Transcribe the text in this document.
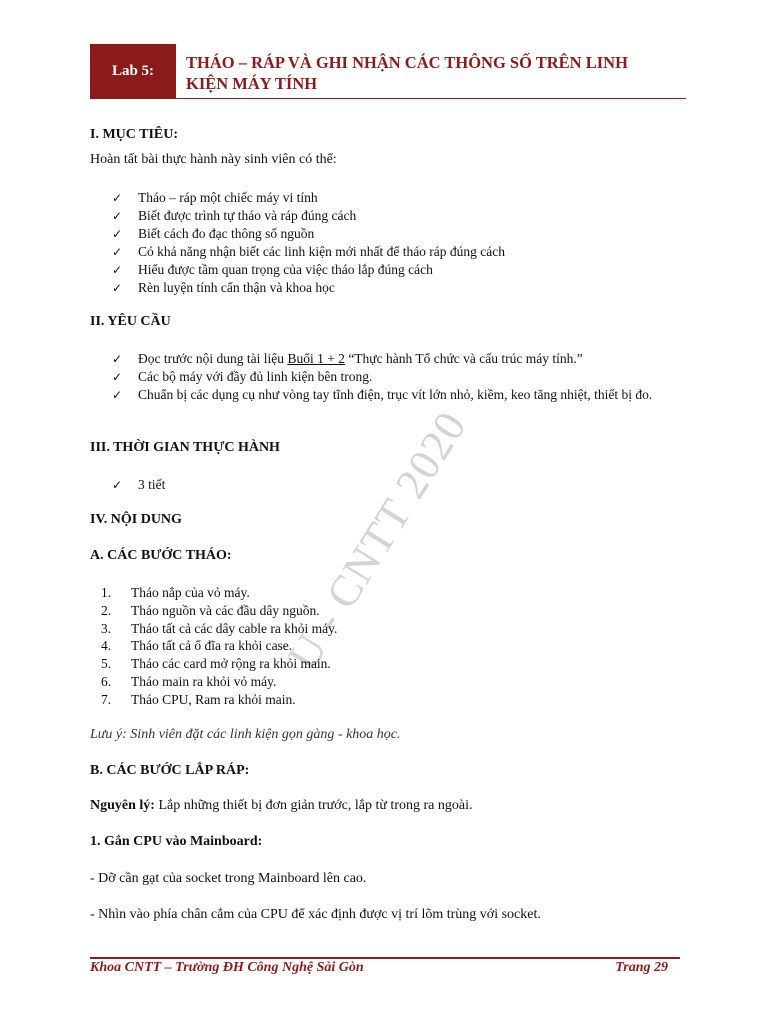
Lab 5: THÁO – RÁP VÀ GHI NHẬN CÁC THÔNG SỐ TRÊN LINH
KIỆN MÁY TÍNH
U - CNTT 2020
I. MỤC TIÊU:
Hoàn tất bài thực hành này sinh viên có thể:
✓ Tháo – ráp một chiếc máy vi tính
✓ Biết được trình tự tháo và ráp đúng cách
✓ Biết cách đo đạc thông số nguồn
✓ Có khả năng nhận biết các linh kiện mới nhất để tháo ráp đúng cách
✓ Hiểu được tầm quan trọng của việc tháo lắp đúng cách
✓ Rèn luyện tính cẩn thận và khoa học
II. YÊU CẦU
✓ Đọc trước nội dung tài liệu Buổi 1 + 2 “Thực hành Tổ chức và cấu trúc máy tính.”
✓ Các bộ máy với đầy đủ linh kiện bên trong.
✓ Chuẩn bị các dụng cụ như vòng tay tĩnh điện, trục vít lớn nhỏ, kiềm, keo tăng nhiệt, thiết bị đo.
III. THỜI GIAN THỰC HÀNH
✓ 3 tiết
IV. NỘI DUNG
A. CÁC BƯỚC THÁO:
1. Tháo nắp của vỏ máy.
2. Tháo nguồn và các đầu dây nguồn.
3. Tháo tất cả các dây cable ra khỏi máy.
4. Tháo tất cả ổ đĩa ra khỏi case.
5. Tháo các card mở rộng ra khỏi main.
6. Tháo main ra khỏi vỏ máy.
7. Tháo CPU, Ram ra khỏi main.
Lưu ý: Sinh viên đặt các linh kiện gọn gàng - khoa học.
B. CÁC BƯỚC LẮP RÁP:
Nguyên lý: Lắp những thiết bị đơn giản trước, lắp từ trong ra ngoài.
1. Gắn CPU vào Mainboard:
- Dỡ cần gạt của socket trong Mainboard lên cao.
- Nhìn vào phía chân cắm của CPU để xác định được vị trí lõm trùng với socket.
Khoa CNTT – Trường ĐH Công Nghệ Sài Gòn	Trang 29
